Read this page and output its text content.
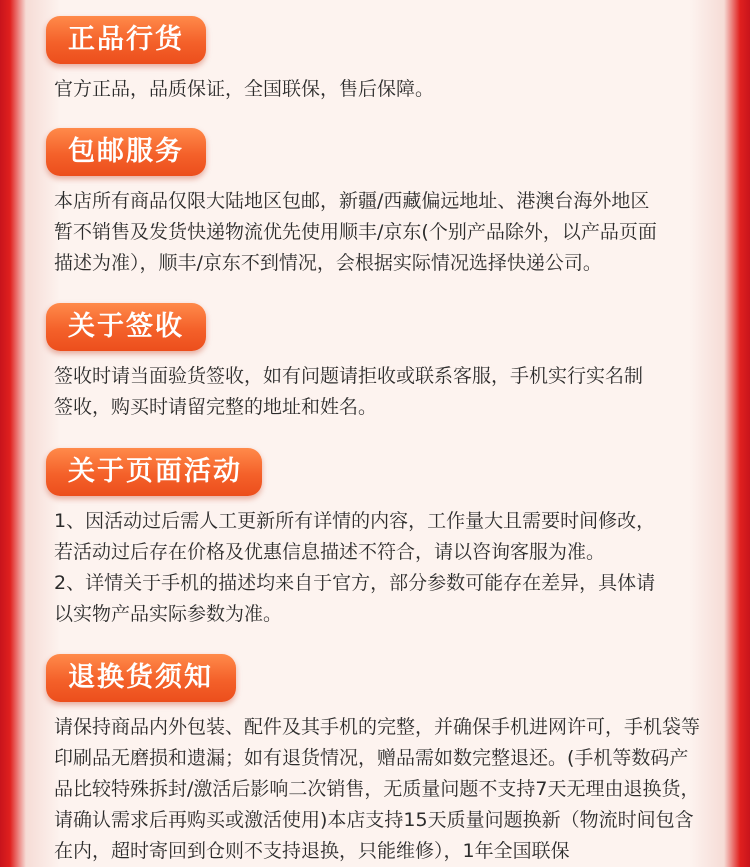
正品行货
官方正品，品质保证，全国联保，售后保障。
包邮服务
本店所有商品仅限大陆地区包邮，新疆/西藏偏远地址、港澳台海外地区
暂不销售及发货快递物流优先使用顺丰/京东(个别产品除外，以产品页面
描述为准），顺丰/京东不到情况，会根据实际情况选择快递公司。
关于签收
签收时请当面验货签收，如有问题请拒收或联系客服，手机实行实名制
签收，购买时请留完整的地址和姓名。
关于页面活动
1、因活动过后需人工更新所有详情的内容，工作量大且需要时间修改，
若活动过后存在价格及优惠信息描述不符合，请以咨询客服为准。
2、详情关于手机的描述均来自于官方，部分参数可能存在差异，具体请
以实物产品实际参数为准。
退换货须知
请保持商品内外包装、配件及其手机的完整，并确保手机进网许可，手机袋等
印刷品无磨损和遗漏；如有退货情况，赠品需如数完整退还。(手机等数码产
品比较特殊拆封/激活后影响二次销售，无质量问题不支持7天无理由退换货，
请确认需求后再购买或激活使用)本店支持15天质量问题换新（物流时间包含
在内，超时寄回到仓则不支持退换，只能维修），1年全国联保
